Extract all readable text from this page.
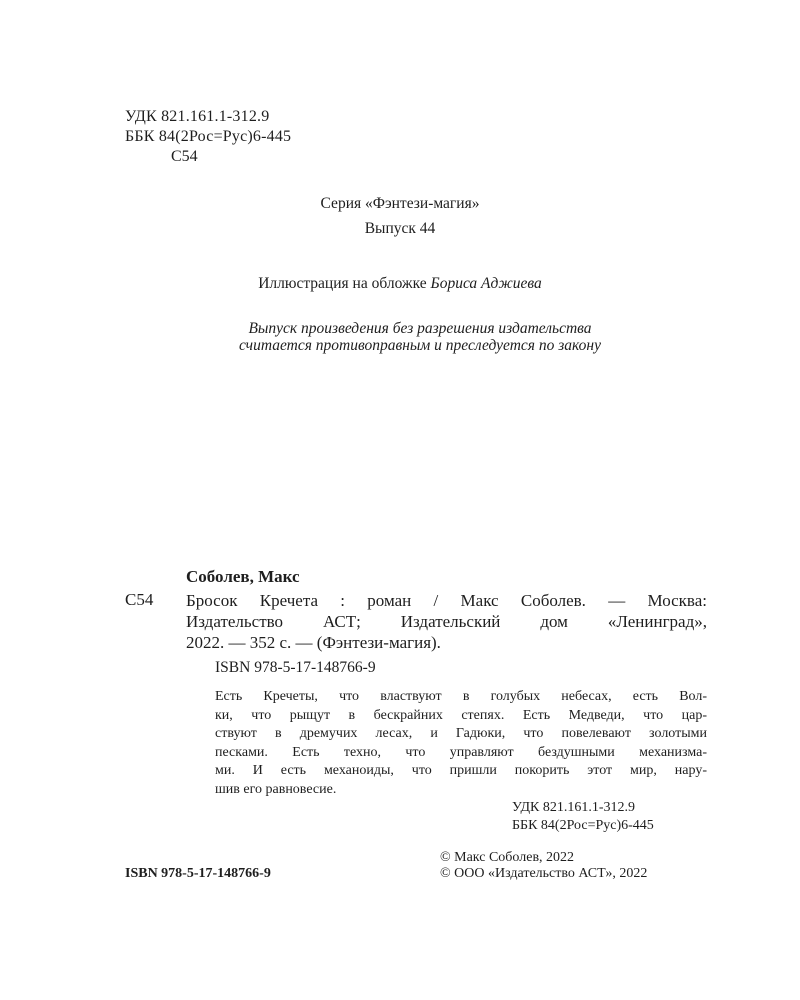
УДК 821.161.1-312.9
ББК 84(2Рос=Рус)6-445
С54
Серия «Фэнтези-магия»
Выпуск 44
Иллюстрация на обложке Бориса Аджиева
Выпуск произведения без разрешения издательства
считается противоправным и преследуется по закону
Соболев, Макс
С54 Бросок Кречета : роман / Макс Соболев. — Москва:
Издательство АСТ; Издательский дом «Ленинград»,
2022. — 352 с. — (Фэнтези-магия).
ISBN 978-5-17-148766-9
Есть Кречеты, что властвуют в голубых небесах, есть Вол-
ки, что рыщут в бескрайних степях. Есть Медведи, что цар-
ствуют в дремучих лесах, и Гадюки, что повелевают золотыми
песками. Есть техно, что управляют бездушными механизма-
ми. И есть механоиды, что пришли покорить этот мир, нару-
шив его равновесие.
УДК 821.161.1-312.9
ББК 84(2Рос=Рус)6-445
ISBN 978-5-17-148766-9
© Макс Соболев, 2022
© ООО «Издательство АСТ», 2022
